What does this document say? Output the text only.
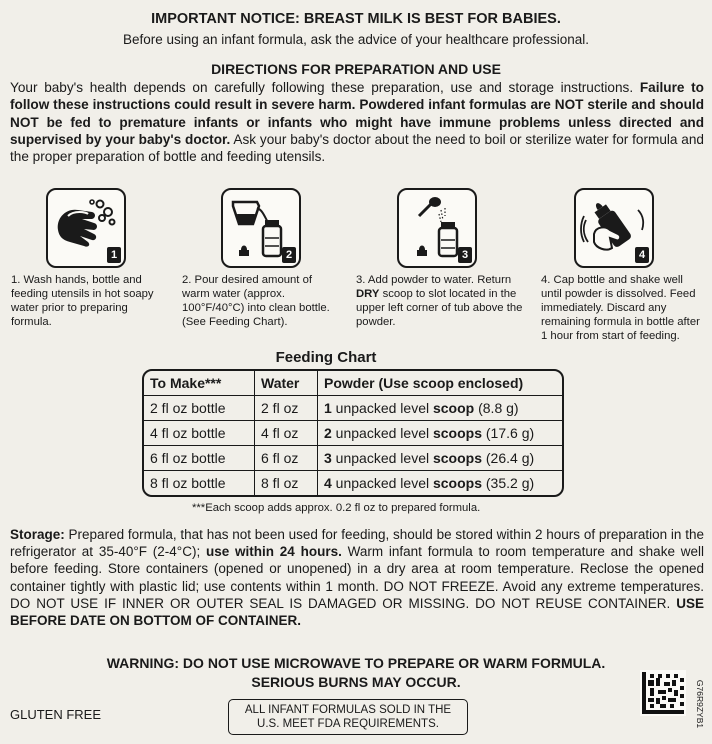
IMPORTANT NOTICE: BREAST MILK IS BEST FOR BABIES.
Before using an infant formula, ask the advice of your healthcare professional.
DIRECTIONS FOR PREPARATION AND USE
Your baby's health depends on carefully following these preparation, use and storage instructions. Failure to follow these instructions could result in severe harm. Powdered infant formulas are NOT sterile and should NOT be fed to premature infants or infants who might have immune problems unless directed and supervised by your baby's doctor. Ask your baby's doctor about the need to boil or sterilize water for formula and the proper preparation of bottle and feeding utensils.
1
1. Wash hands, bottle and feeding utensils in hot soapy water prior to preparing formula.
2
2. Pour desired amount of warm water (approx. 100°F/40°C) into clean bottle. (See Feeding Chart).
3
3. Add powder to water. Return DRY scoop to slot located in the upper left corner of tub above the powder.
4
4. Cap bottle and shake well until powder is dissolved. Feed immediately. Discard any remaining formula in bottle after 1 hour from start of feeding.
Feeding Chart
To Make***	Water	Powder (Use scoop enclosed)
2 fl oz bottle	2 fl oz	1 unpacked level scoop (8.8 g)
4 fl oz bottle	4 fl oz	2 unpacked level scoops (17.6 g)
6 fl oz bottle	6 fl oz	3 unpacked level scoops (26.4 g)
8 fl oz bottle	8 fl oz	4 unpacked level scoops (35.2 g)
***Each scoop adds approx. 0.2 fl oz to prepared formula.
Storage: Prepared formula, that has not been used for feeding, should be stored within 2 hours of preparation in the refrigerator at 35-40°F (2-4°C); use within 24 hours. Warm infant formula to room temperature and shake well before feeding. Store containers (opened or unopened) in a dry area at room temperature. Reclose the opened container tightly with plastic lid; use contents within 1 month. DO NOT FREEZE. Avoid any extreme temperatures. DO NOT USE IF INNER OR OUTER SEAL IS DAMAGED OR MISSING. DO NOT REUSE CONTAINER. USE BEFORE DATE ON BOTTOM OF CONTAINER.
WARNING: DO NOT USE MICROWAVE TO PREPARE OR WARM FORMULA.
SERIOUS BURNS MAY OCCUR.
GLUTEN FREE	ALL INFANT FORMULAS SOLD IN THE
U.S. MEET FDA REQUIREMENTS.	G76R9ZYB1
